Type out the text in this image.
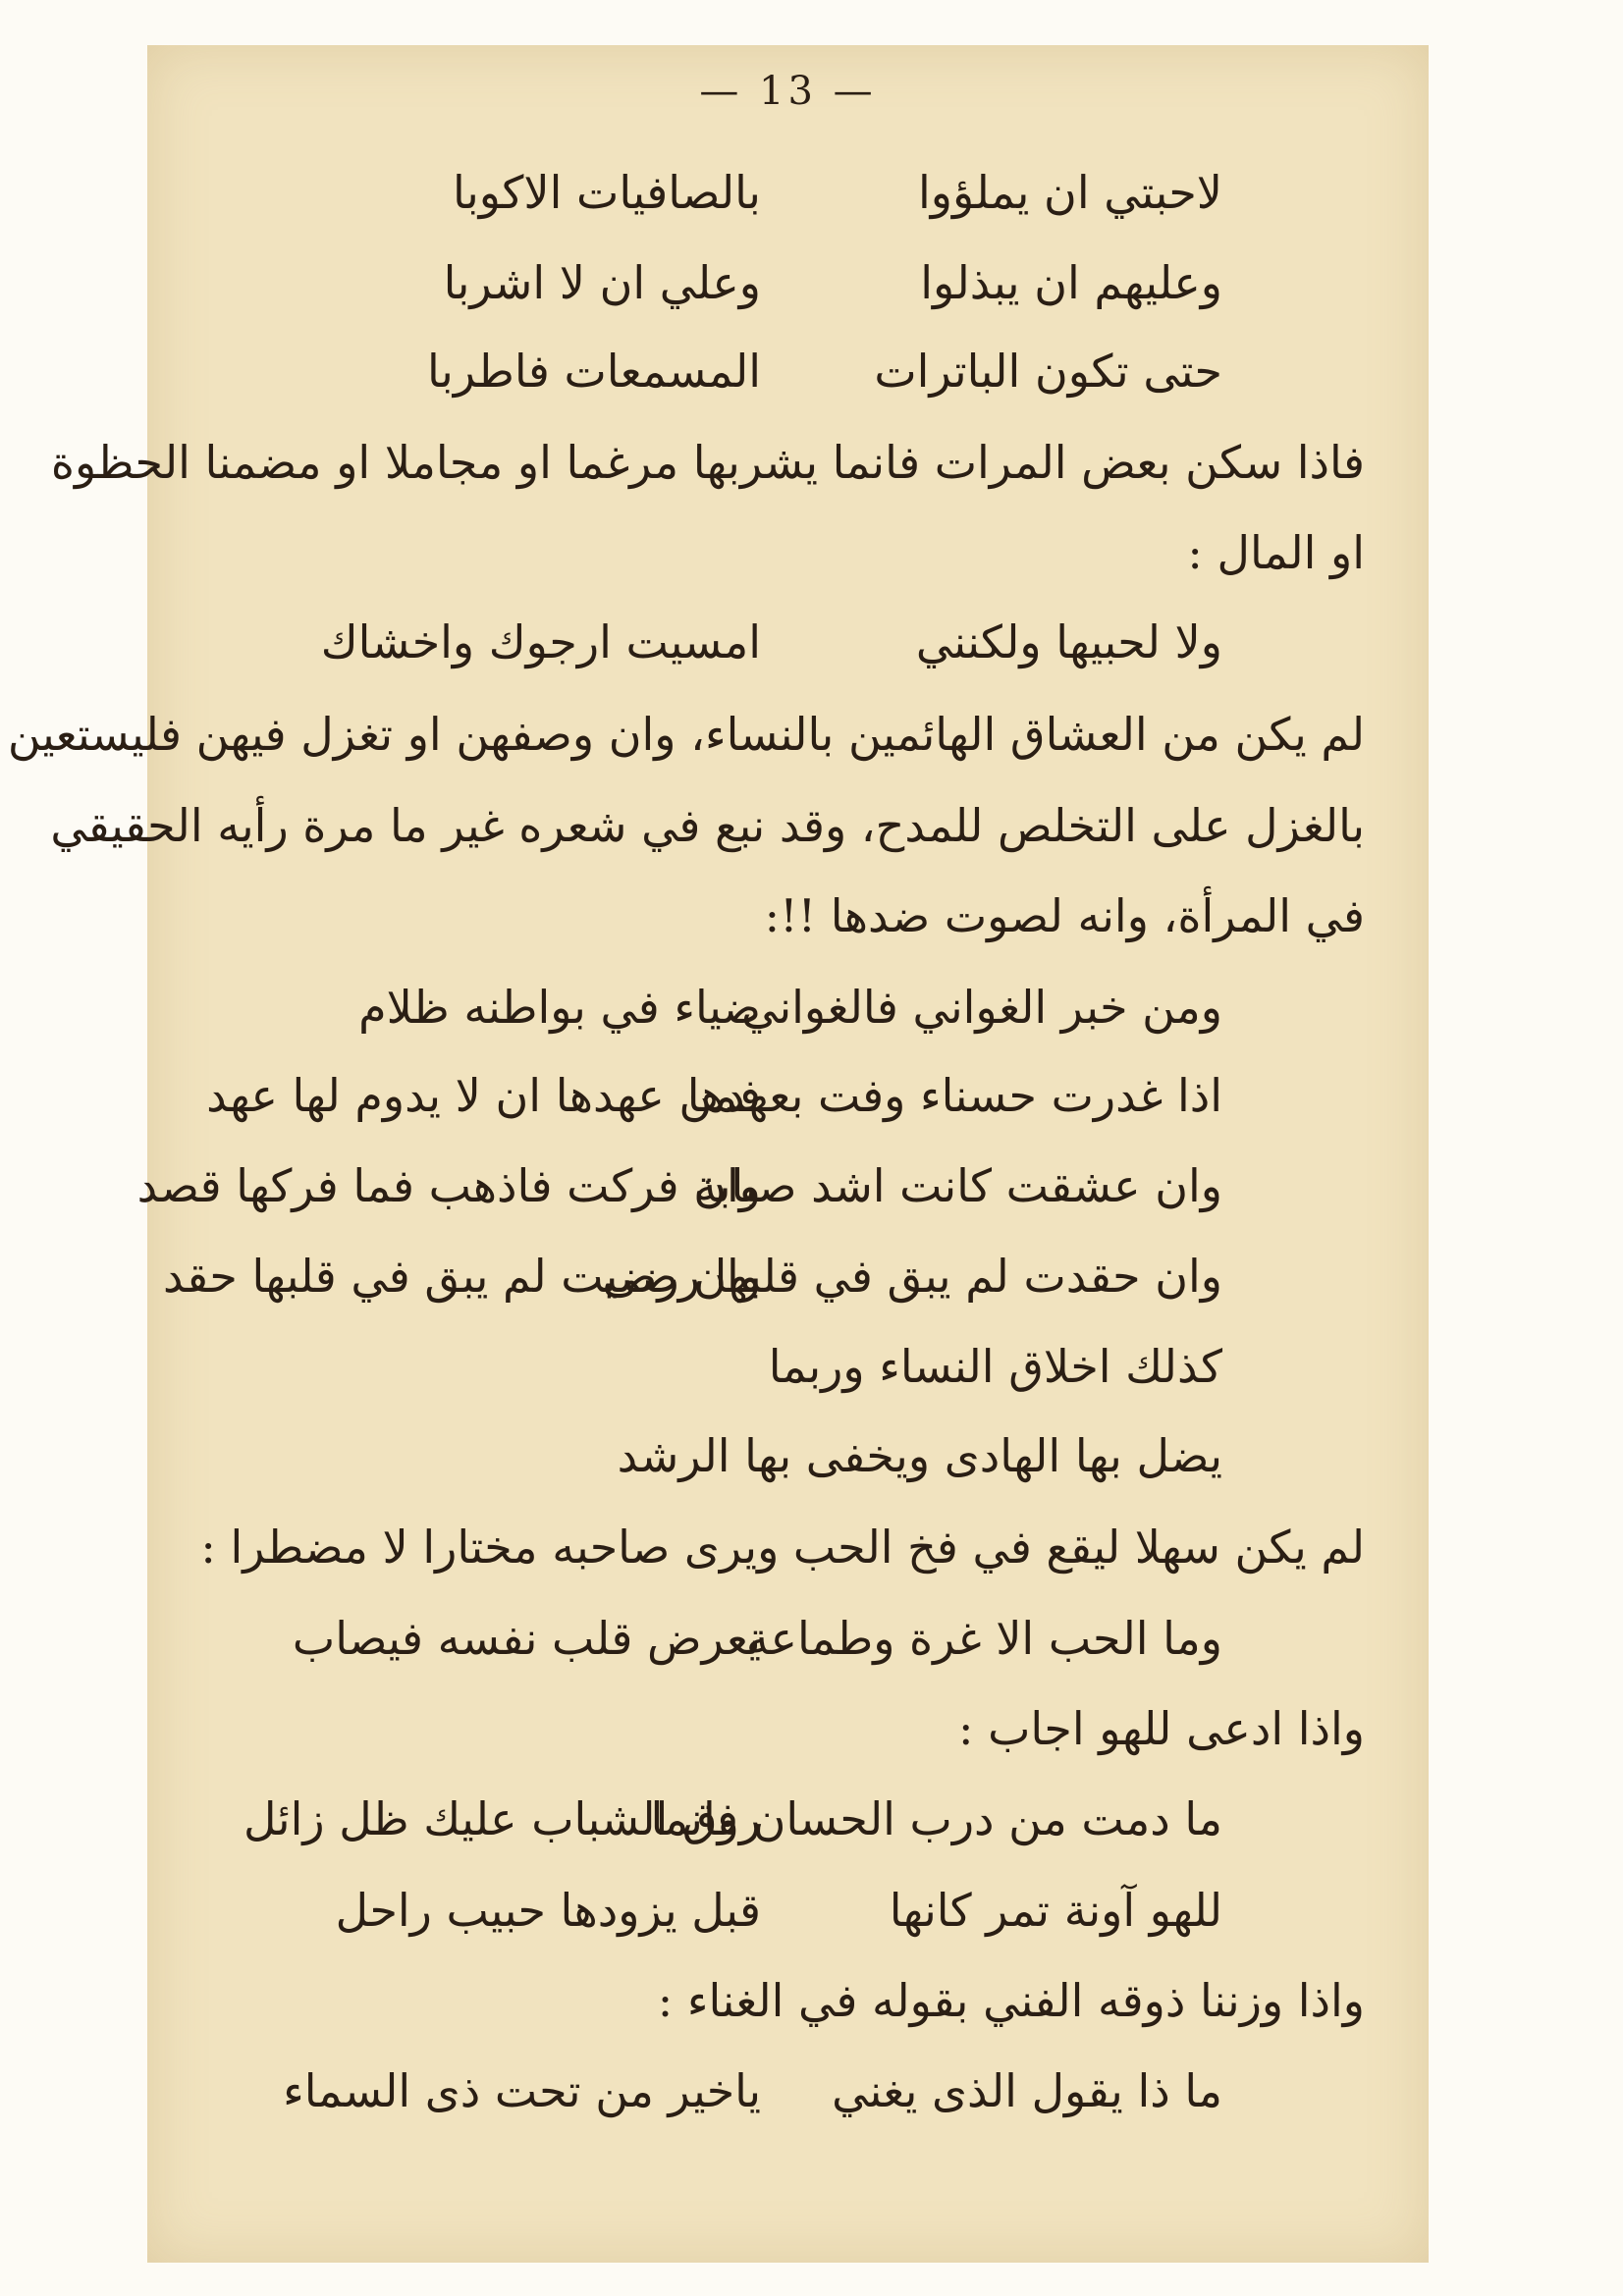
— 13 —
لاحبتي ان يملؤوا
بالصافيات الاكوبا
وعليهم ان يبذلوا
وعلي ان لا اشربا
حتى تكون الباترات
المسمعات فاطربا
فاذا سكن بعض المرات فانما يشربها مرغما او مجاملا او مضمنا الحظوة
او المال :
ولا لحبيها ولكنني
امسيت ارجوك واخشاك
لم يكن من العشاق الهائمين بالنساء، وان وصفهن او تغزل فيهن فليستعين
بالغزل على التخلص للمدح، وقد نبع في شعره غير ما مرة رأيه الحقيقي
في المرأة، وانه لصوت ضدها !!:
ومن خبر الغواني فالغواني
ضياء في بواطنه ظلام
اذا غدرت حسناء وفت بعهدها
فمن عهدها ان لا يدوم لها عهد
وان عشقت كانت اشد صبابة
وان فركت فاذهب فما فركها قصد
وان حقدت لم يبق في قلبها رضى
وان رضيت لم يبق في قلبها حقد
كذلك اخلاق النساء وربما
يضل بها الهادى ويخفى بها الرشد
لم يكن سهلا ليقع في فخ الحب ويرى صاحبه مختارا لا مضطرا :
وما الحب الا غرة وطماعة
يعرض قلب نفسه فيصاب
واذا ادعى للهو اجاب :
ما دمت من درب الحسان فانما
روق الشباب عليك ظل زائل
للهو آونة تمر كانها
قبل يزودها حبيب راحل
واذا وزننا ذوقه الفني بقوله في الغناء :
ما ذا يقول الذى يغني
ياخير من تحت ذى السماء
